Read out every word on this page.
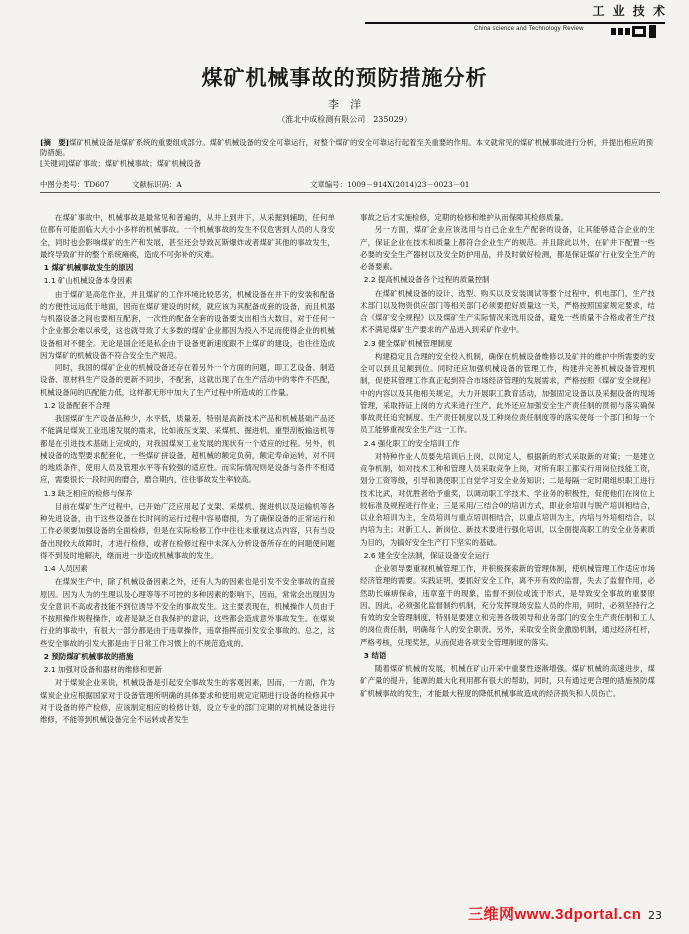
工 业 技 术
China science and Technology Review
煤矿机械事故的预防措施分析
李　洋
（淮北中成检测有限公司　235029）
[摘　要]煤矿机械设备是煤矿系统的重要组成部分。煤矿机械设备的安全可靠运行，对整个煤矿的安全可靠运行起着至关重要的作用。本文就常见的煤矿机械事故进行分析，并提出相应的预防措施。
[关键词]煤矿事故；煤矿机械事故；煤矿机械设备
中图分类号：TD607	文献标识码：A	文章编号：1009－914X(2014)23－0023－01

在煤矿事故中，机械事故是最常见和普遍的，从井上到井下，从采掘到辅助，任何单位都有可能面临大大小小多样的机械事故。一个机械事故的发生不仅危害到人员的人身安全，同时也会影响煤矿的生产和发展，甚至还会导致瓦斯爆炸或者煤矿其他的事故发生，最终导致矿井的整个系统瘫痪，造成不可弥补的灾难。

1 煤矿机械事故发生的原因

1.1 矿山机械设备本身因素

由于煤矿是高危作业，并且煤矿的工作环境比较恶劣，机械设备在井下的安装和配备的方便性远远低于地面，因而在煤矿建设的时候，就应该为其配备成套的设备，而且机器与机器设备之间也要相互配套，一次性的配备全套的设备要支出相当大数目，对于任何一个企业都会难以承受，这也就导致了大多数的煤矿企业都因为投入不足而使得企业的机械设备相对不健全。无论是国企还是私企由于设备更新速度跟不上煤矿的建设，也往往造成因为煤矿的机械设备不符合安全生产规范。

同时，我国的煤矿企业的机械设备还存在着另外一个方面的问题，即工艺设备、制造设备、原材料生产设备的更新不同步，不配套，这就出现了在生产活动中的零件不匹配，机械设备间的匹配能力低，这样都无形中加大了生产过程中所造成的工作量。

1.2 设备配套不合理

我国煤矿生产设备品种少，水平低，质量差，特别是高新技术产品和机械基础产品还不能满足煤炭工业迅速发展的需求，比如液压支架、采煤机、掘进机、重型刮板输送机等都是在引进技术基础上完成的，对我国煤炭工业发展的现状有一个适应的过程。另外，机械设备的选型要求配套化，一些煤矿拼设备，超机械的额定负荷，额定寿命运转，对不同的地质条件，使用人员及管理水平等有较强的适应性。而实际情况则是设备与条件不相适应，需要很长一段时间的磨合，磨合期内，往往事故发生率较高。

1.3 缺乏相应的检修与保养

目前在煤矿生产过程中，已开始广泛应用起了支架、采煤机、掘进机以及运输机等各种先进设备，由于这些设备在长时间的运行过程中容易磨损，为了确保设备的正常运行和工作必须要加强设备的全面检修，但是在实际检修工作中往往未重视这点内容，只有当设备出现较大故障时，才进行检修，或者在检修过程中未深入分析设备所存在的问题使问题得不到及时地解决，继而进一步造成机械事故的发生。

1.4 人员因素

在煤炭生产中，除了机械设备因素之外，还有人为的因素也是引发不安全事故的直接原因。因为人为的生理以及心理等等不可控的多种因素的影响下，因而，常常会出现因为安全意识不高或者技能不到位诱导不安全的事故发生。这主要表现在，机械操作人员由于不按照操作规程操作，或者是缺乏自我保护的意识，这些都会造成意外事故发生。在煤炭行业的事故中，有很大一部分都是由于违章操作，违章指挥而引发安全事故的。总之，这些安全事故的引发大都是由于日常工作习惯上的不规范造成的。

2 预防煤矿机械事故的措施

2.1 加强对设备和器材的维修和更新

对于煤炭企业来说，机械设备是引起安全事故发生的客观因素，因而，一方面，作为煤炭企业应根据国家对于设备管理所明确的具体要求和使用规定定期进行设备的检修其中对于设备的停产检修，应该制定相应的检修计划，设立专业的部门定期的对机械设备进行维修，不能等到机械设备完全不运转或者发生

事故之后才实施检修，定期的检修和维护从而保障其检修质量。

另一方面，煤矿企业应该选用与自己企业生产配套的设备，让其能够适合企业的生产，保证企业在技术和质量上都符合企业生产的规范。并且除此以外，在矿井下配置一些必要的安全生产器材以及安全防护用品，并及时做好检测，都是保证煤矿行业安全生产的必备要素。

2.2 提高机械设备各个过程的质量控制

在煤矿机械设备的设计、选型、购买以及安装调试等整个过程中，机电部门，生产技术部门以及物资供应部门等相关部门必须要把好质量这一关，严格按照国家规定要求，结合《煤矿安全规程》以及煤矿生产实际情况来选用设备，避免一些质量不合格或者生产技术不满足煤矿生产要求的产品进入到采矿作业中。

2.3 健全煤矿机械管理制度

构建稳定且合理的安全投入机制，确保在机械设备维修以及矿井的维护中所需要的安全可以到且足额到位。同时还应加强机械设备的管理工作，构建并完善机械设备管理机制，促使其管理工作真正起到符合市场经济管理的发展需求，严格按照《煤矿安全规程》中的内容以及其他相关规定，大力开展职工教育活动，加强固定设备以及采掘设备的现场管理，采取持证上岗的方式来进行生产。此外还应加强安全生产责任制的贯彻与落实确保事故责任追究制度。生产责任制度以及工种岗位责任制度等的落实使每一个部门和每一个员工能够重视安全生产这一工作。

2.4 强化职工的安全培训工作

对特种作业人员要先培训后上岗，以岗定人，根据新的形式采取新的对策；一是建立竞争机制，如对技术工种和管理人员采取竞争上岗，对所有职工都实行用岗位技能工资，划分工资等级，引导和诱使职工自觉学习安全业务知识；二是每隔一定时期组织职工进行技术比武，对优胜者给予重奖，以调动职工学技术、学业务的积极性，促使他们在岗位上较标准及规程进行作业；三是采用/三结合0的培训方式，即业余培训与脱产培训相结合，以业余培训为主，全员培训与重点培训相结合，以重点培训为主，内培与外培相结合，以内培为主；对新工人、新岗位、新技术要进行强化培训，以全面提高职工的安全业务素质为目的，为搞好安全生产打下坚实的基础。

2.6 建全安全法制，保证设备安全运行

企业领导要重视机械管理工作，并积极探索新的管理体制，使机械管理工作适应市场经济管理的需要。实践证明，要抓好安全工作，离不开有效的监督，失去了监督作用，必然助长麻痹保命，违章蛮干的现象，监督不到位或流于形式，是导致安全事故的重要原因。因此，必须强化监督制约机制，充分发挥现场安监人员的作用，同时，必须坚持行之有效的安全管理制度，特别是要建立和完善各级领导和业务部门的安全生产责任制和工人的岗位责任制，明确每个人的安全职责。另外，采取安全资金激励机制，通过经济杠杆，严格考核，兑现奖惩，从而促进各项安全管理制度的落实。

3 结语

随着煤矿机械的发展，机械在矿山开采中重要性逐渐增强。煤矿机械的高速进步，煤矿产量的提升，能源的最大化利用都有很大的帮助，同时，只有通过更合理的措施预防煤矿机械事故的发生，才能最大程度的降低机械事故造成的经济损失和人员伤亡。

三维网www.3dportal.cn 23
